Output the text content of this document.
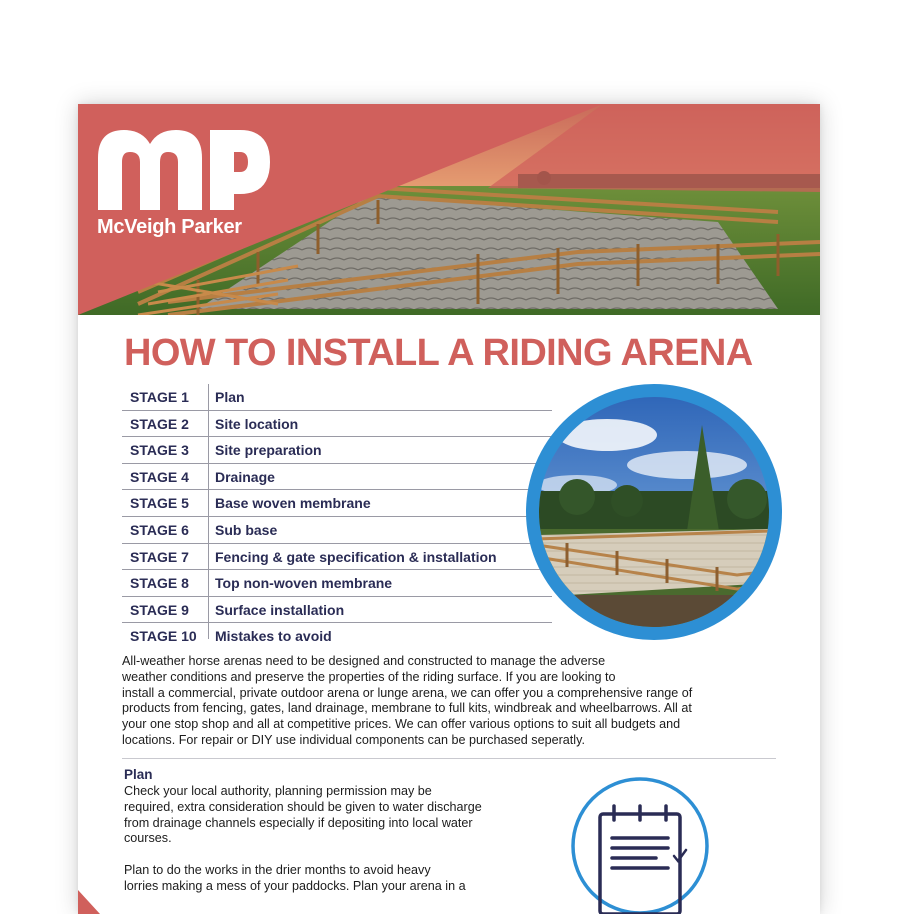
McVeigh Parker
HOW TO INSTALL A RIDING ARENA
STAGE 1 Plan
STAGE 2 Site location
STAGE 3 Site preparation
STAGE 4 Drainage
STAGE 5 Base woven membrane
STAGE 6 Sub base
STAGE 7 Fencing & gate specification & installation
STAGE 8 Top non-woven membrane
STAGE 9 Surface installation
STAGE 10 Mistakes to avoid

All-weather horse arenas need to be designed and constructed to manage the adverse
weather conditions and preserve the properties of the riding surface. If you are looking to
install a commercial, private outdoor arena or lunge arena, we can offer you a comprehensive range of
products from fencing, gates, land drainage, membrane to full kits, windbreak and wheelbarrows. All at
your one stop shop and all at competitive prices. We can offer various options to suit all budgets and
locations. For repair or DIY use individual components can be purchased seperatly.

Plan
Check your local authority, planning permission may be
required, extra consideration should be given to water discharge
from drainage channels especially if depositing into local water
courses.
Plan to do the works in the drier months to avoid heavy
lorries making a mess of your paddocks. Plan your arena in a
